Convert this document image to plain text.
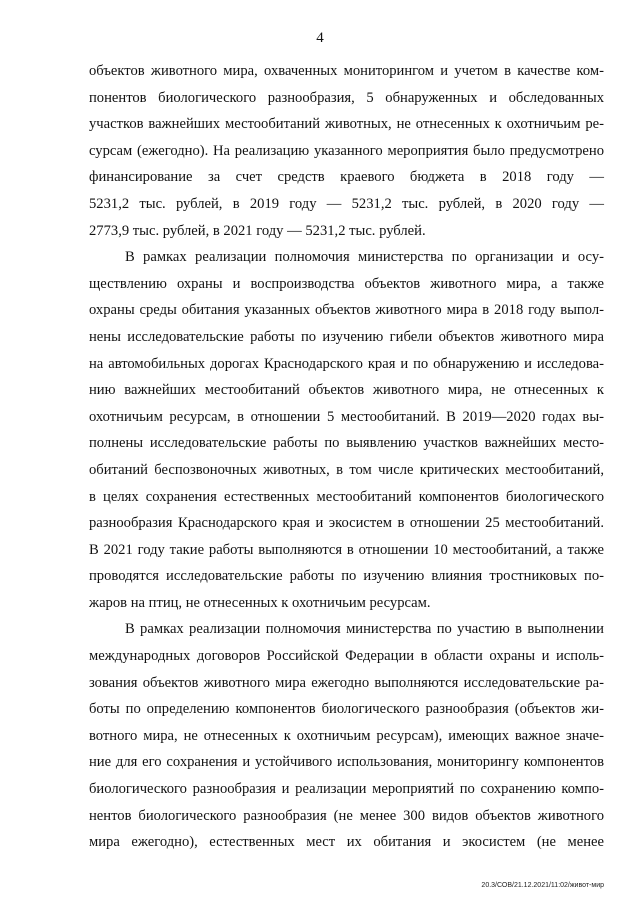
4
объектов животного мира, охваченных мониторингом и учетом в качестве ком-
понентов биологического разнообразия, 5 обнаруженных и обследованных
участков важнейших местообитаний животных, не отнесенных к охотничьим ре-
сурсам (ежегодно). На реализацию указанного мероприятия было предусмотрено
финансирование за счет средств краевого бюджета в 2018 году —
5231,2 тыс. рублей, в 2019 году — 5231,2 тыс. рублей, в 2020 году —
2773,9 тыс. рублей, в 2021 году — 5231,2 тыс. рублей.
В рамках реализации полномочия министерства по организации и осу-
ществлению охраны и воспроизводства объектов животного мира, а также
охраны среды обитания указанных объектов животного мира в 2018 году выпол-
нены исследовательские работы по изучению гибели объектов животного мира
на автомобильных дорогах Краснодарского края и по обнаружению и исследова-
нию важнейших местообитаний объектов животного мира, не отнесенных к
охотничьим ресурсам, в отношении 5 местообитаний. В 2019—2020 годах вы-
полнены исследовательские работы по выявлению участков важнейших место-
обитаний беспозвоночных животных, в том числе критических местообитаний,
в целях сохранения естественных местообитаний компонентов биологического
разнообразия Краснодарского края и экосистем в отношении 25 местообитаний.
В 2021 году такие работы выполняются в отношении 10 местообитаний, а также
проводятся исследовательские работы по изучению влияния тростниковых по-
жаров на птиц, не отнесенных к охотничьим ресурсам.
В рамках реализации полномочия министерства по участию в выполнении
международных договоров Российской Федерации в области охраны и исполь-
зования объектов животного мира ежегодно выполняются исследовательские ра-
боты по определению компонентов биологического разнообразия (объектов жи-
вотного мира, не отнесенных к охотничьим ресурсам), имеющих важное значе-
ние для его сохранения и устойчивого использования, мониторингу компонентов
биологического разнообразия и реализации мероприятий по сохранению компо-
нентов биологического разнообразия (не менее 300 видов объектов животного
мира ежегодно), естественных мест их обитания и экосистем (не менее
20.3/СОВ/21.12.2021/11:02/живот-мир
